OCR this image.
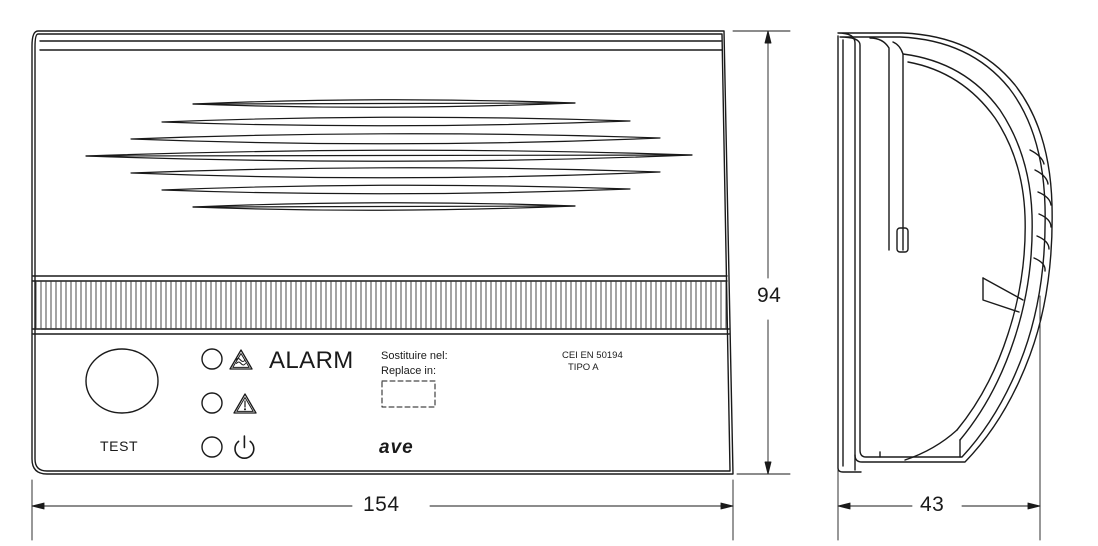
ALARM
TEST
Sostituire nel:
Replace in:
CEI EN 50194
TIPO A
ave
154
94
43
